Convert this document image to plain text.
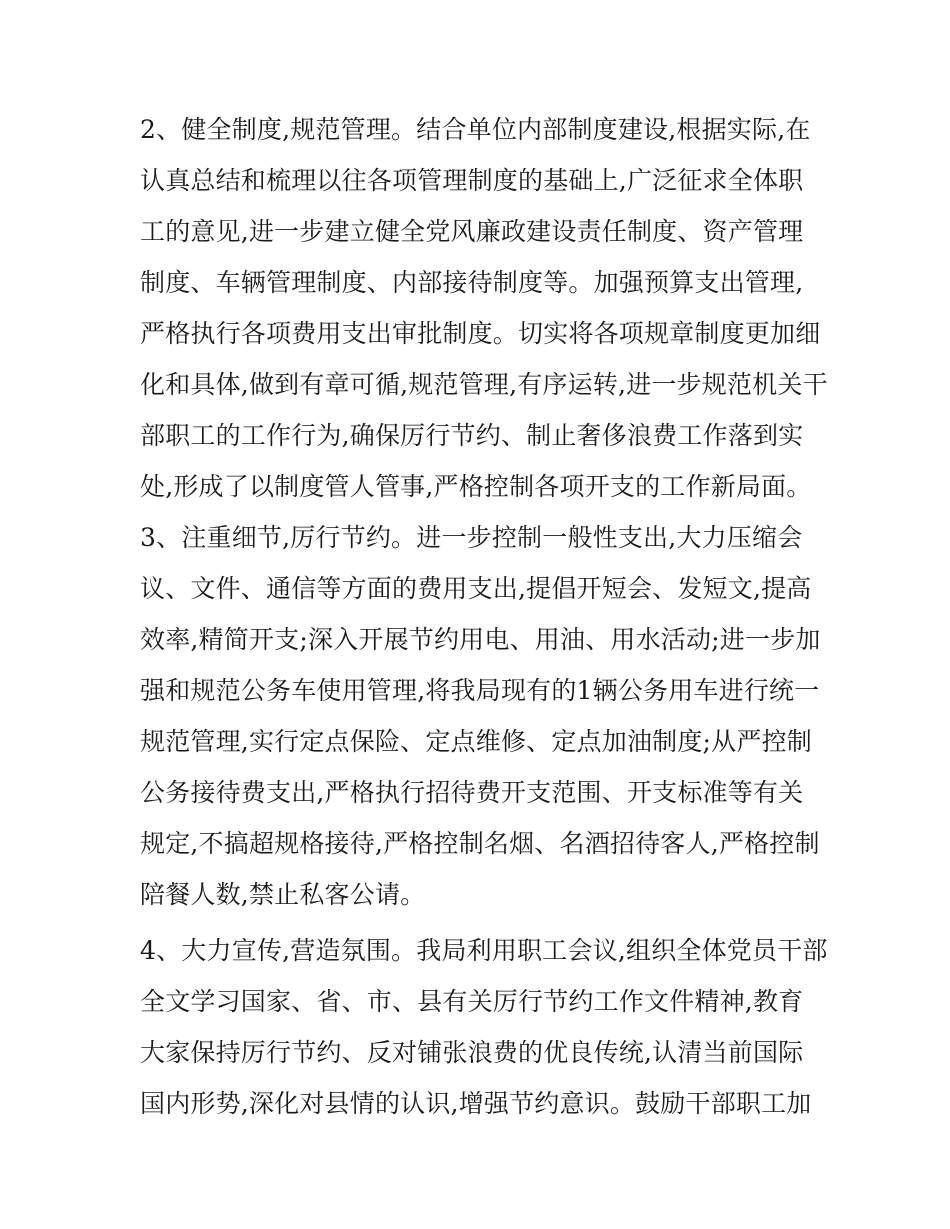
2、健全制度,规范管理。结合单位内部制度建设,根据实际,在
认真总结和梳理以往各项管理制度的基础上,广泛征求全体职
工的意见,进一步建立健全党风廉政建设责任制度、资产管理
制度、车辆管理制度、内部接待制度等。加强预算支出管理,
严格执行各项费用支出审批制度。切实将各项规章制度更加细
化和具体,做到有章可循,规范管理,有序运转,进一步规范机关干
部职工的工作行为,确保厉行节约、制止奢侈浪费工作落到实
处,形成了以制度管人管事,严格控制各项开支的工作新局面。
3、注重细节,厉行节约。进一步控制一般性支出,大力压缩会
议、文件、通信等方面的费用支出,提倡开短会、发短文,提高
效率,精简开支;深入开展节约用电、用油、用水活动;进一步加
强和规范公务车使用管理,将我局现有的1辆公务用车进行统一
规范管理,实行定点保险、定点维修、定点加油制度;从严控制
公务接待费支出,严格执行招待费开支范围、开支标准等有关
规定,不搞超规格接待,严格控制名烟、名酒招待客人,严格控制
陪餐人数,禁止私客公请。
4、大力宣传,营造氛围。我局利用职工会议,组织全体党员干部
全文学习国家、省、市、县有关厉行节约工作文件精神,教育
大家保持厉行节约、反对铺张浪费的优良传统,认清当前国际
国内形势,深化对县情的认识,增强节约意识。鼓励干部职工加
